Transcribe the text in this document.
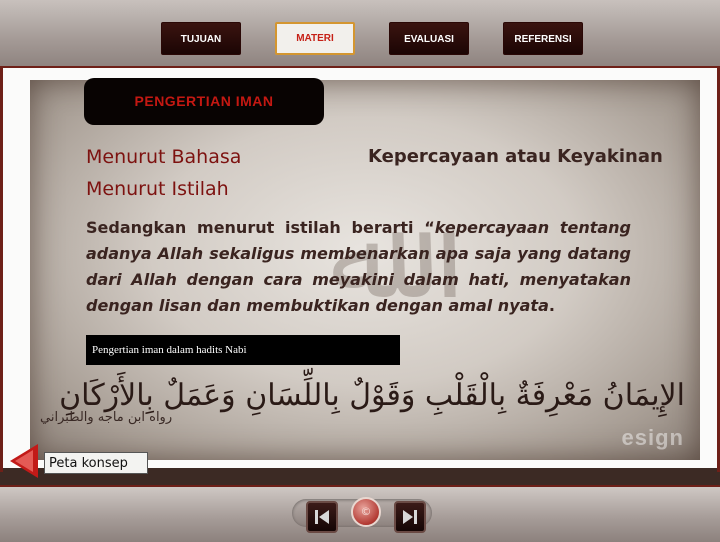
TUJUAN	MATERI	EVALUASI	REFERENSI
ﷲ
esign
PENGERTIAN IMAN
Menurut Bahasa
Menurut Istilah
Kepercayaan atau Keyakinan
Sedangkan menurut istilah berarti “kepercayaan tentang adanya Allah sekaligus membenarkan apa saja yang datang dari Allah dengan cara meyakini dalam hati, menyatakan dengan lisan dan membuktikan dengan amal nyata.
Pengertian iman dalam hadits Nabi
الإِيمَانُ مَعْرِفَةٌ بِالْقَلْبِ وَقَوْلٌ بِاللِّسَانِ وَعَمَلٌ بِالأَرْكَانِ
رواه ابن ماجه والطبراني
Peta konsep
©
